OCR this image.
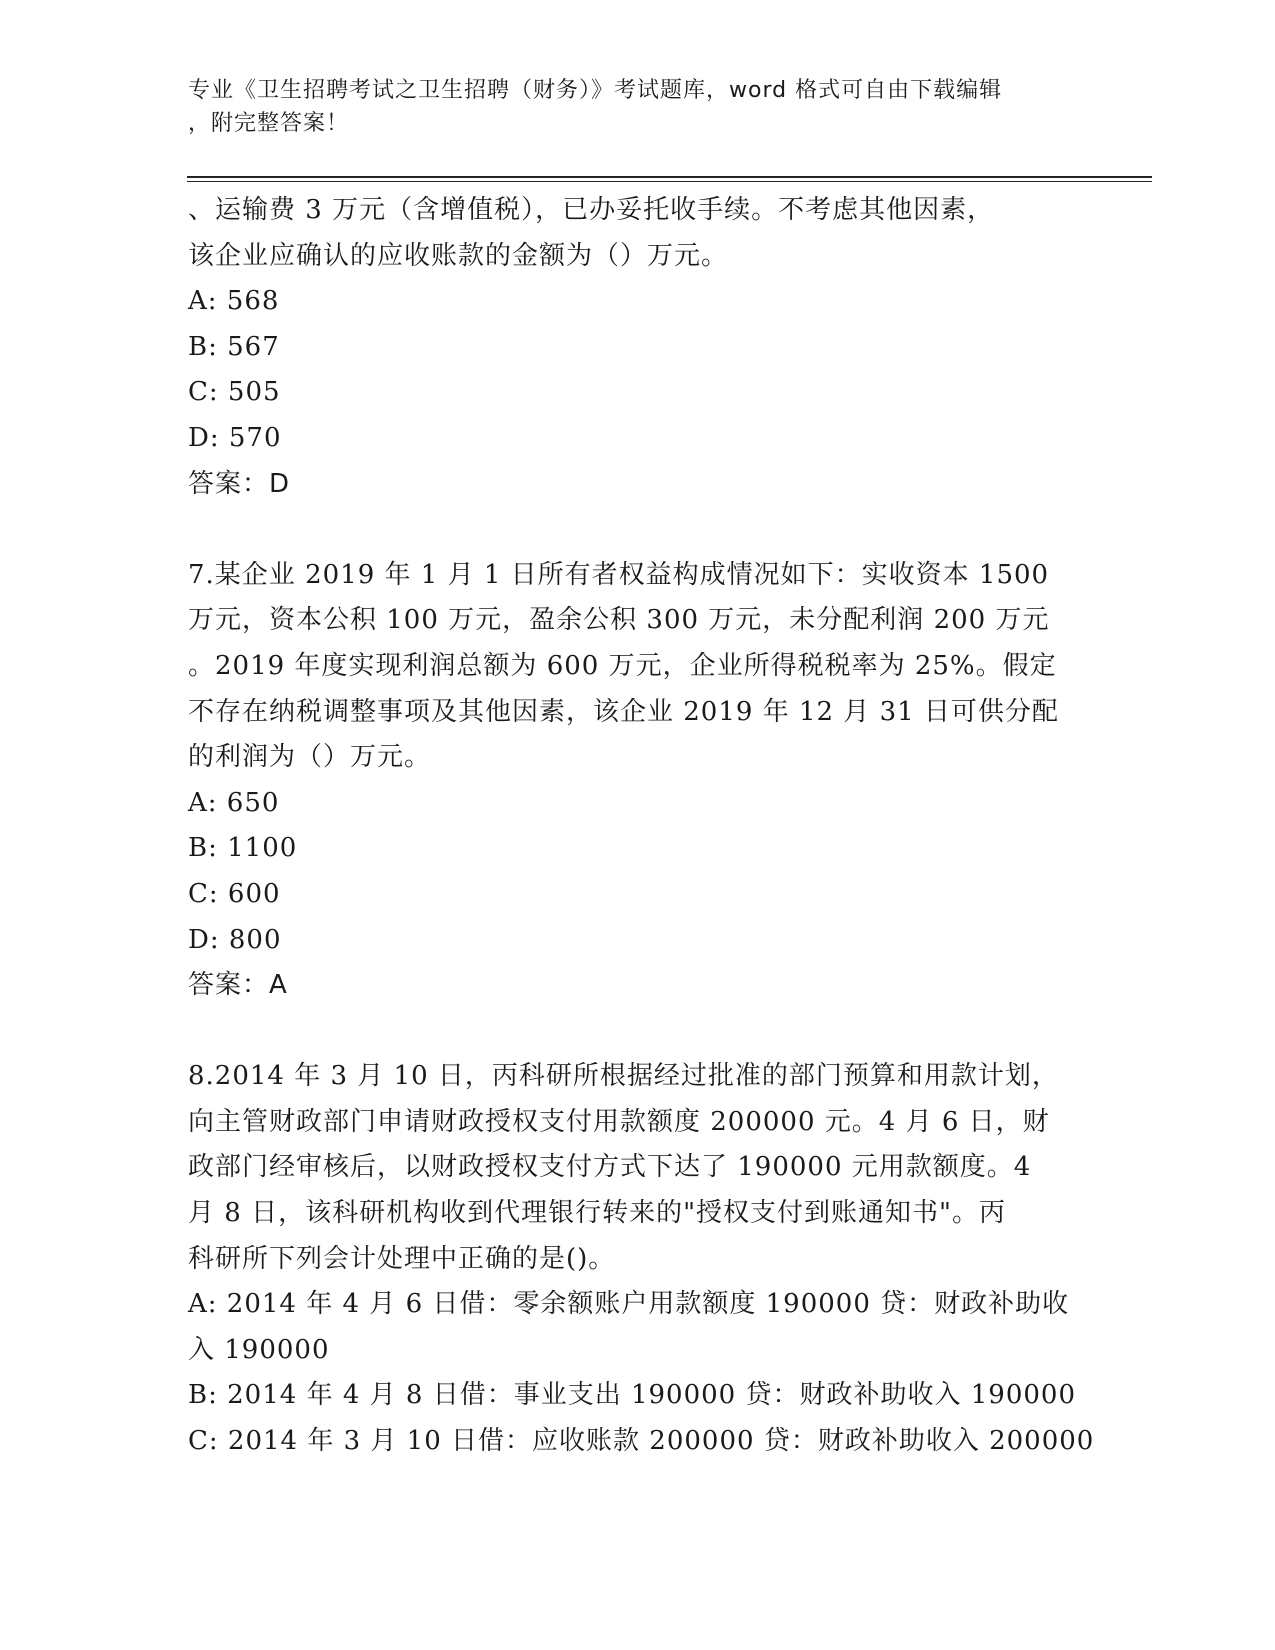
专业《卫生招聘考试之卫生招聘（财务）》考试题库，word 格式可自由下载编辑
，附完整答案！
、运输费 3 万元（含增值税），已办妥托收手续。不考虑其他因素，
该企业应确认的应收账款的金额为（）万元。
A: 568
B: 567
C: 505
D: 570
答案：D
7.某企业 2019 年 1 月 1 日所有者权益构成情况如下：实收资本 1500
万元，资本公积 100 万元，盈余公积 300 万元，未分配利润 200 万元
。2019 年度实现利润总额为 600 万元，企业所得税税率为 25%。假定
不存在纳税调整事项及其他因素，该企业 2019 年 12 月 31 日可供分配
的利润为（）万元。
A: 650
B: 1100
C: 600
D: 800
答案：A
8.2014 年 3 月 10 日，丙科研所根据经过批准的部门预算和用款计划，
向主管财政部门申请财政授权支付用款额度 200000 元。4 月 6 日，财
政部门经审核后，以财政授权支付方式下达了 190000 元用款额度。4
月 8 日，该科研机构收到代理银行转来的"授权支付到账通知书"。丙
科研所下列会计处理中正确的是()。
A: 2014 年 4 月 6 日借：零余额账户用款额度 190000 贷：财政补助收
入 190000
B: 2014 年 4 月 8 日借：事业支出 190000 贷：财政补助收入 190000
C: 2014 年 3 月 10 日借：应收账款 200000 贷：财政补助收入 200000
